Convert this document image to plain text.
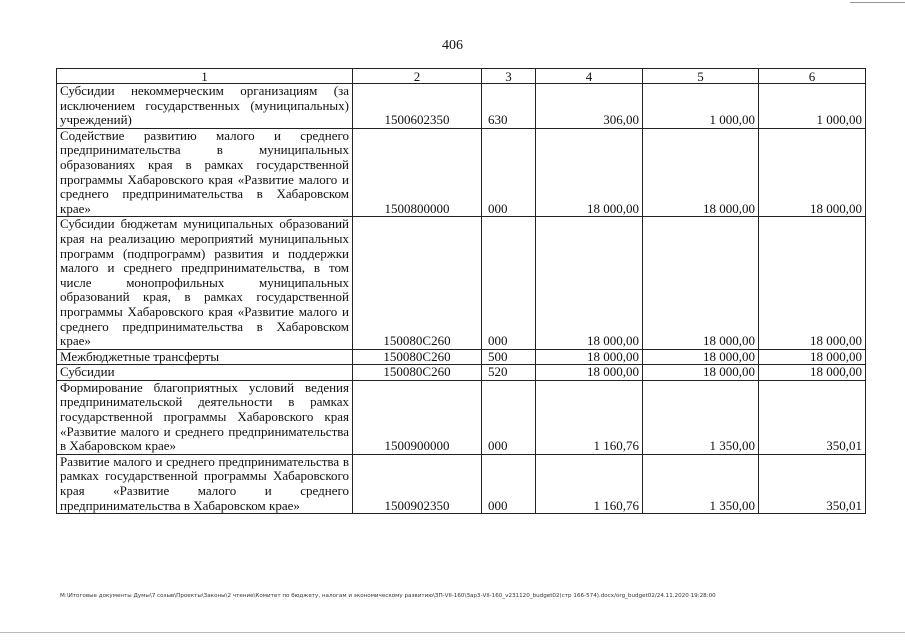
406
1	2	3	4	5	6
Субсидии некоммерческим организациям (за исключением государственных (муниципальных) учреждений)	1500602350	630	306,00	1 000,00	1 000,00
Содействие развитию малого и среднего предпринимательства в муниципальных образованиях края в рамках государственной программы Хабаровского края «Развитие малого и среднего предпринимательства в Хабаровском крае»	1500800000	000	18 000,00	18 000,00	18 000,00
Субсидии бюджетам муниципальных образований края на реализацию мероприятий муниципальных программ (подпрограмм) развития и поддержки малого и среднего предпринимательства, в том числе монопрофильных муниципальных образований края, в рамках государственной программы Хабаровского края «Развитие малого и среднего предпринимательства в Хабаровском крае»	150080С260	000	18 000,00	18 000,00	18 000,00
Межбюджетные трансферты	150080С260	500	18 000,00	18 000,00	18 000,00
Субсидии	150080С260	520	18 000,00	18 000,00	18 000,00
Формирование благоприятных условий ведения предпринимательской деятельности в рамках государственной программы Хабаровского края «Развитие малого и среднего предпринимательства в Хабаровском крае»	1500900000	000	1 160,76	1 350,00	350,01
Развитие малого и среднего предпринимательства в рамках государственной программы Хабаровского края «Развитие малого и среднего предпринимательства в Хабаровском крае»	1500902350	000	1 160,76	1 350,00	350,01
M:\Итоговые документы Думы\7 созыв\Проекты\Законы\2 чтение\Комитет по бюджету, налогам и экономическому развитию\ЗП-VII-160\Зар3-VII-160_v231120_budget02(стр 166-574).docx/org_budget02/24.11.2020 19:28:00
